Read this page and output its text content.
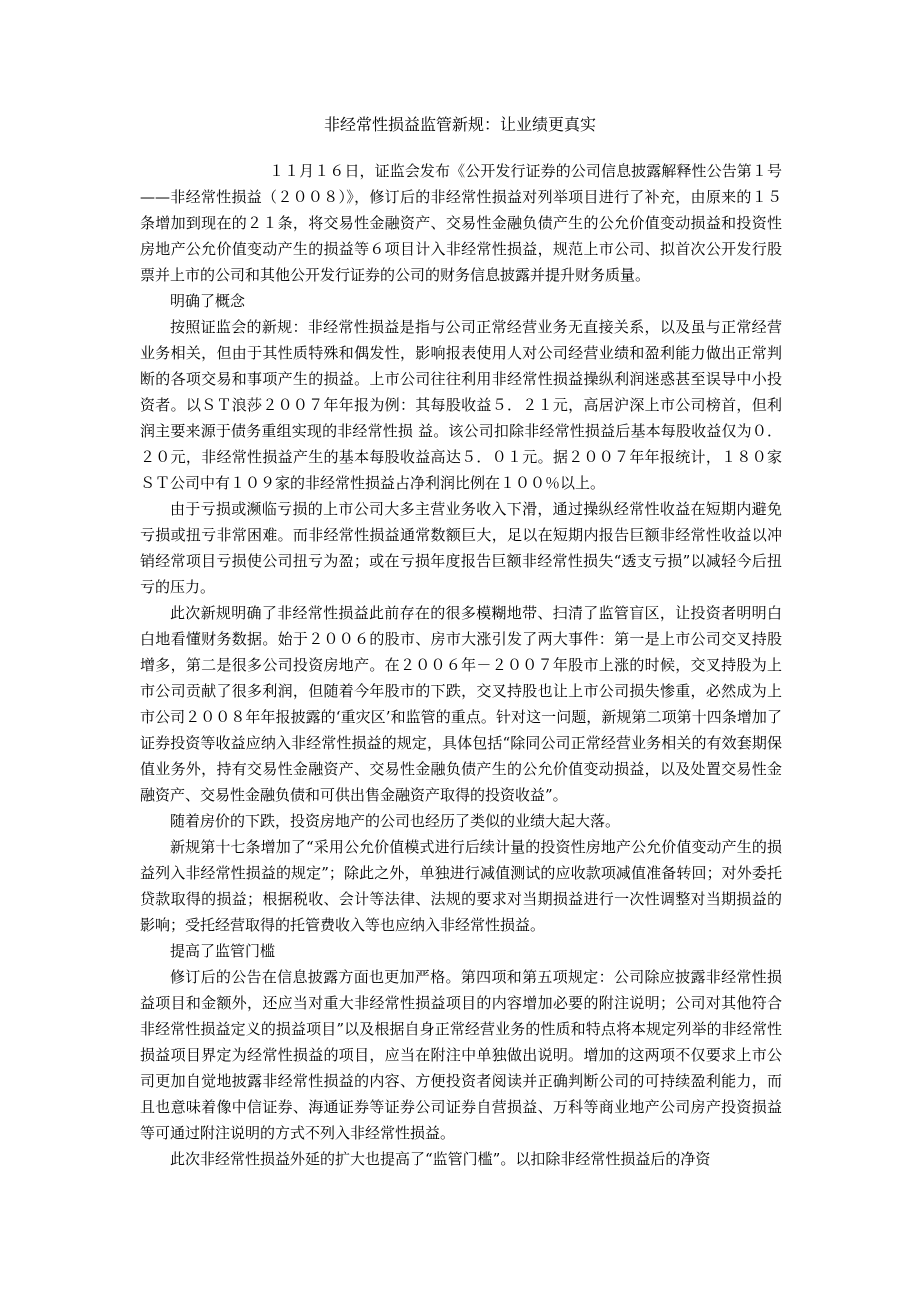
非经常性损益监管新规：让业绩更真实

１１月１６日，证监会发布《公开发行证券的公司信息披露解释性公告第１号——非经常性损益（２００８）》，修订后的非经常性损益对列举项目进行了补充，由原来的１５条增加到现在的２１条，将交易性金融资产、交易性金融负债产生的公允价值变动损益和投资性房地产公允价值变动产生的损益等６项目计入非经常性损益，规范上市公司、拟首次公开发行股票并上市的公司和其他公开发行证券的公司的财务信息披露并提升财务质量。

明确了概念

按照证监会的新规：非经常性损益是指与公司正常经营业务无直接关系，以及虽与正常经营业务相关，但由于其性质特殊和偶发性，影响报表使用人对公司经营业绩和盈利能力做出正常判断的各项交易和事项产生的损益。上市公司往往利用非经常性损益操纵利润迷惑甚至误导中小投资者。以ＳＴ浪莎２００７年年报为例：其每股收益５．２１元，高居沪深上市公司榜首，但利润主要来源于债务重组实现的非经常性损 益。该公司扣除非经常性损益后基本每股收益仅为０．２０元，非经常性损益产生的基本每股收益高达５．０１元。据２００７年年报统计，１８０家ＳＴ公司中有１０９家的非经常性损益占净利润比例在１００％以上。

由于亏损或濒临亏损的上市公司大多主营业务收入下滑，通过操纵经常性收益在短期内避免亏损或扭亏非常困难。而非经常性损益通常数额巨大，足以在短期内报告巨额非经常性收益以冲销经常项目亏损使公司扭亏为盈；或在亏损年度报告巨额非经常性损失“透支亏损”以减轻今后扭亏的压力。

此次新规明确了非经常性损益此前存在的很多模糊地带、扫清了监管盲区，让投资者明明白白地看懂财务数据。始于２００６的股市、房市大涨引发了两大事件：第一是上市公司交叉持股增多，第二是很多公司投资房地产。在２００６年－２００７年股市上涨的时候，交叉持股为上市公司贡献了很多利润，但随着今年股市的下跌，交叉持股也让上市公司损失惨重，必然成为上市公司２００８年年报披露的‘重灾区’和监管的重点。针对这一问题，新规第二项第十四条增加了证券投资等收益应纳入非经常性损益的规定，具体包括“除同公司正常经营业务相关的有效套期保值业务外，持有交易性金融资产、交易性金融负债产生的公允价值变动损益，以及处置交易性金融资产、交易性金融负债和可供出售金融资产取得的投资收益”。

随着房价的下跌，投资房地产的公司也经历了类似的业绩大起大落。

新规第十七条增加了“采用公允价值模式进行后续计量的投资性房地产公允价值变动产生的损益列入非经常性损益的规定”；除此之外，单独进行减值测试的应收款项减值准备转回；对外委托贷款取得的损益；根据税收、会计等法律、法规的要求对当期损益进行一次性调整对当期损益的影响；受托经营取得的托管费收入等也应纳入非经常性损益。

提高了监管门槛

修订后的公告在信息披露方面也更加严格。第四项和第五项规定：公司除应披露非经常性损益项目和金额外，还应当对重大非经常性损益项目的内容增加必要的附注说明；公司对其他符合非经常性损益定义的损益项目”以及根据自身正常经营业务的性质和特点将本规定列举的非经常性损益项目界定为经常性损益的项目，应当在附注中单独做出说明。增加的这两项不仅要求上市公司更加自觉地披露非经常性损益的内容、方便投资者阅读并正确判断公司的可持续盈利能力，而且也意味着像中信证券、海通证券等证券公司证券自营损益、万科等商业地产公司房产投资损益等可通过附注说明的方式不列入非经常性损益。

此次非经常性损益外延的扩大也提高了“监管门槛”。以扣除非经常性损益后的净资
